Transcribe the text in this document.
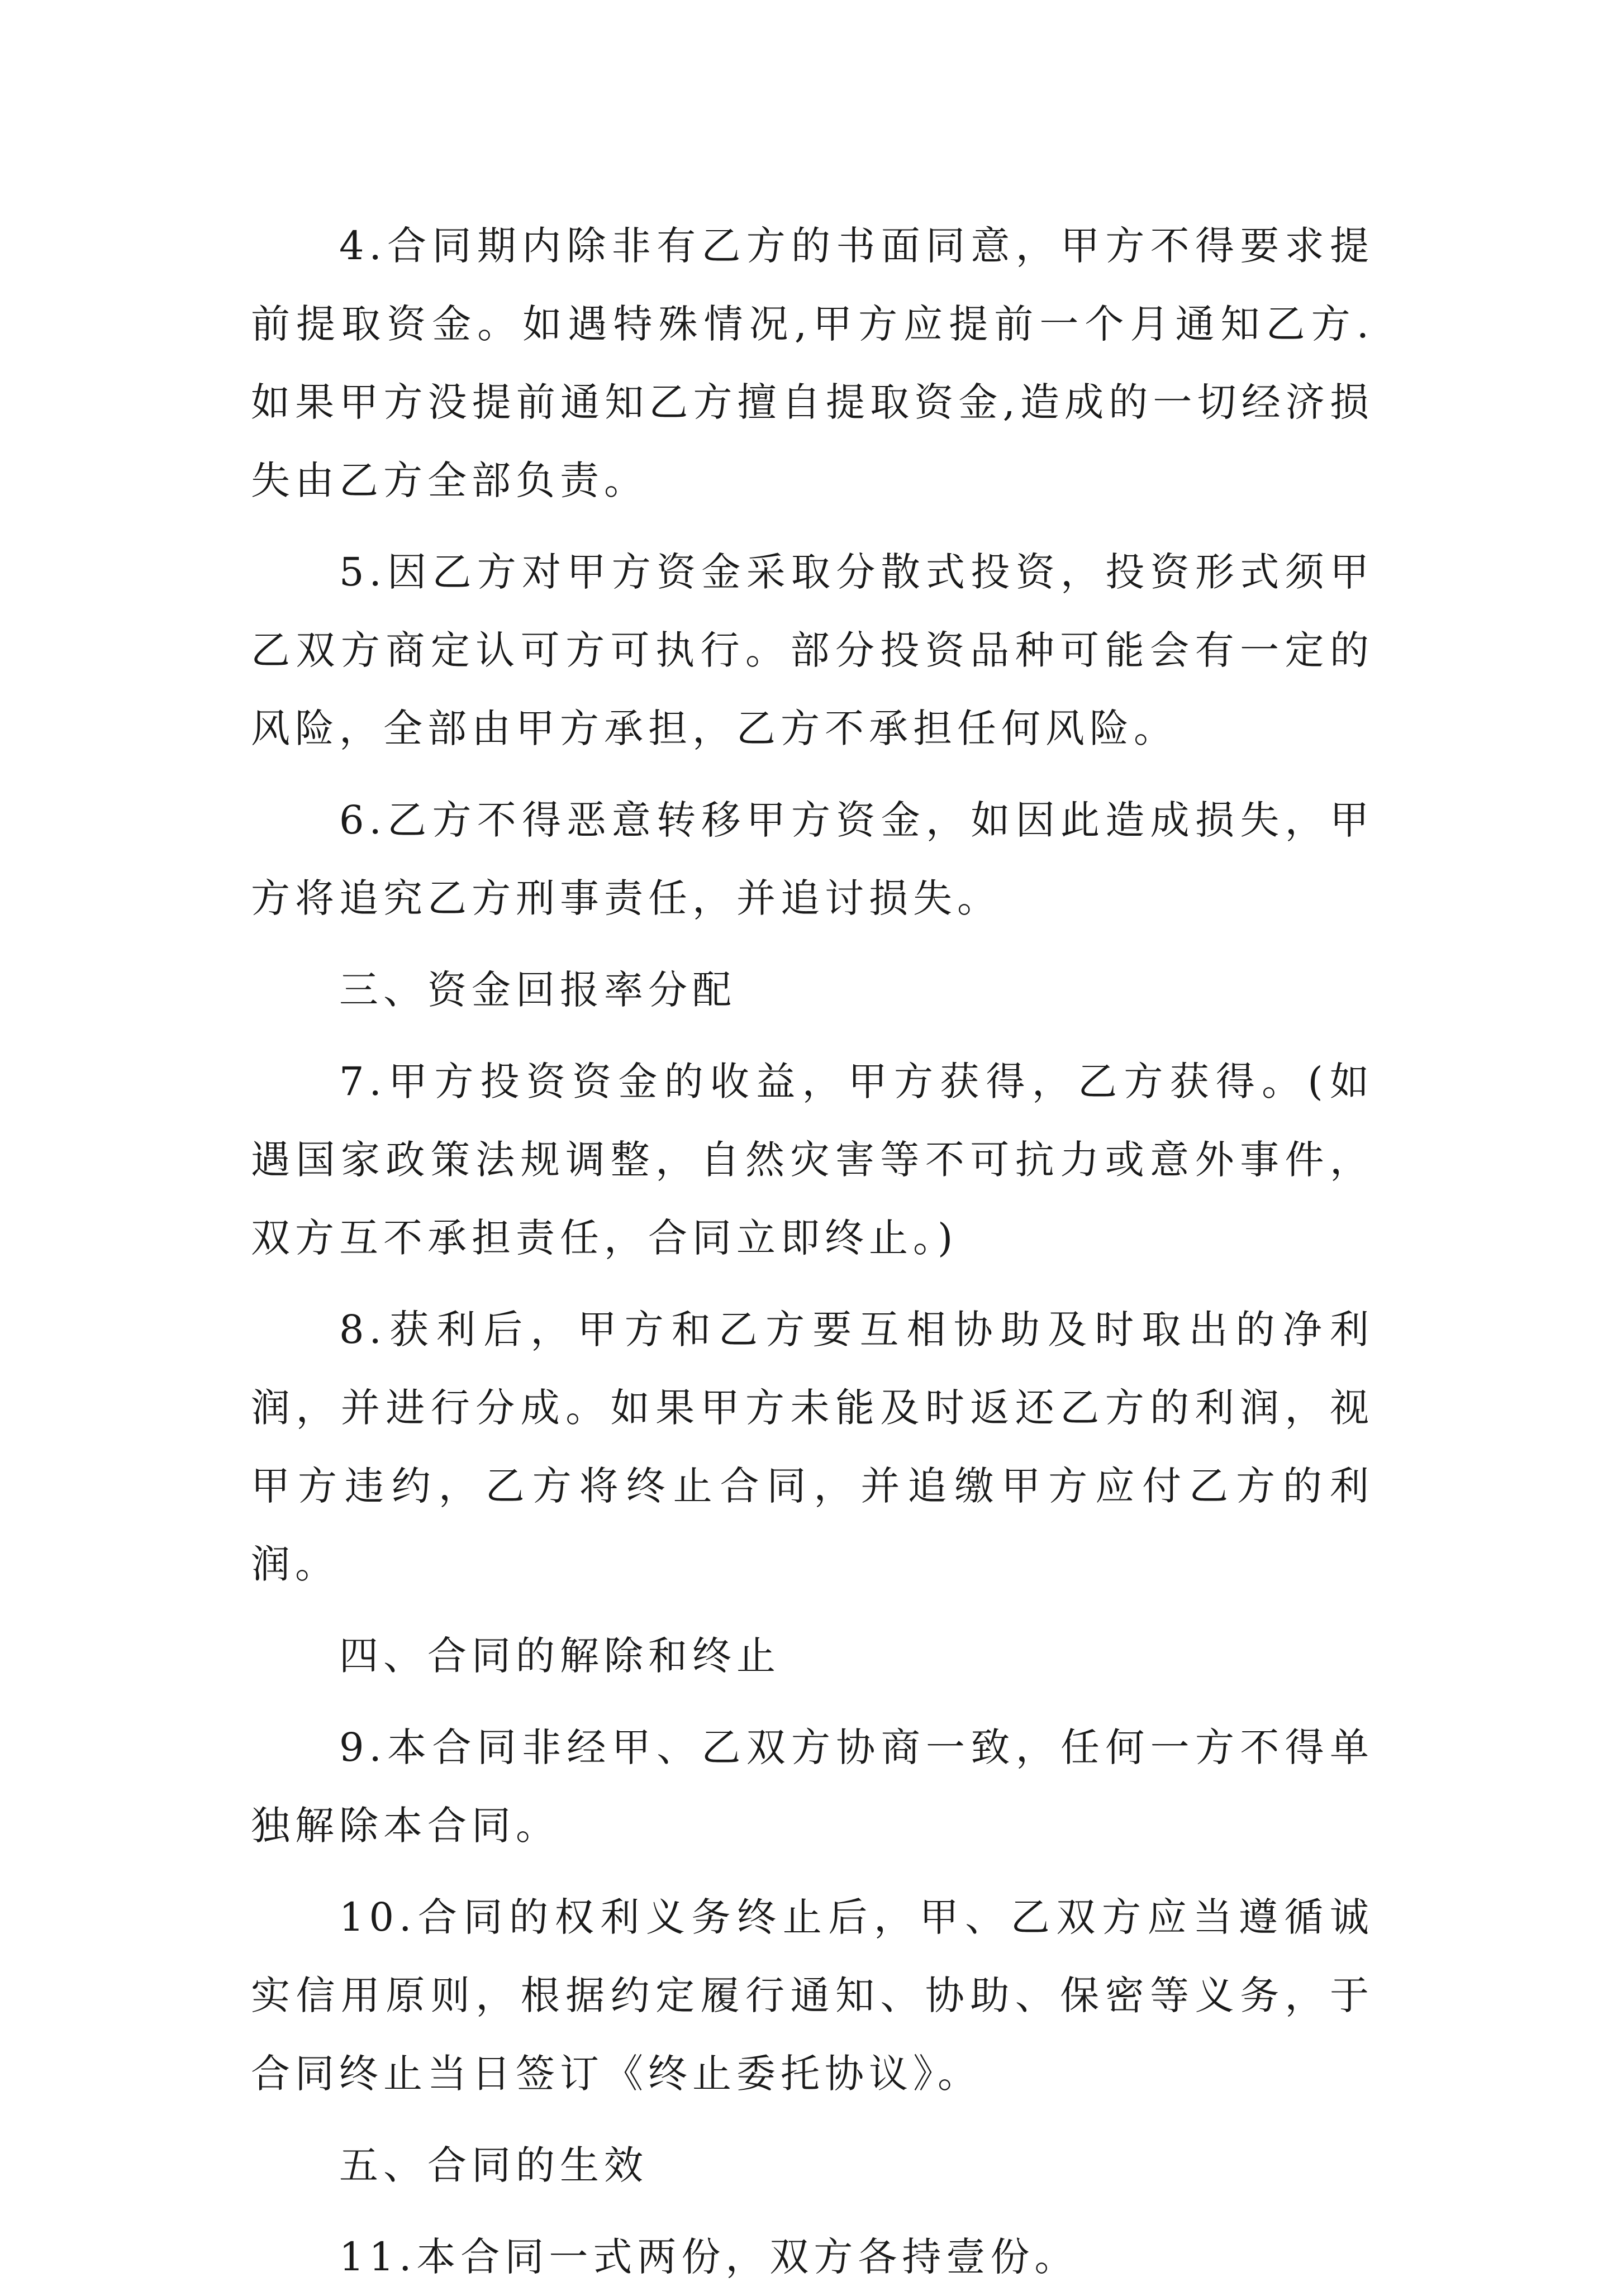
4.合同期内除非有乙方的书面同意，甲方不得要求提前提取资金。如遇特殊情况,甲方应提前一个月通知乙方.如果甲方没提前通知乙方擅自提取资金,造成的一切经济损失由乙方全部负责。

5.因乙方对甲方资金采取分散式投资，投资形式须甲乙双方商定认可方可执行。部分投资品种可能会有一定的风险，全部由甲方承担，乙方不承担任何风险。

6.乙方不得恶意转移甲方资金，如因此造成损失，甲方将追究乙方刑事责任，并追讨损失。

三、资金回报率分配

7.甲方投资资金的收益，甲方获得，乙方获得。(如遇国家政策法规调整，自然灾害等不可抗力或意外事件，双方互不承担责任，合同立即终止。)

8.获利后，甲方和乙方要互相协助及时取出的净利润，并进行分成。如果甲方未能及时返还乙方的利润，视甲方违约，乙方将终止合同，并追缴甲方应付乙方的利润。

四、合同的解除和终止

9.本合同非经甲、乙双方协商一致，任何一方不得单独解除本合同。

10.合同的权利义务终止后，甲、乙双方应当遵循诚实信用原则，根据约定履行通知、协助、保密等义务，于合同终止当日签订《终止委托协议》。

五、合同的生效

11.本合同一式两份，双方各持壹份。
